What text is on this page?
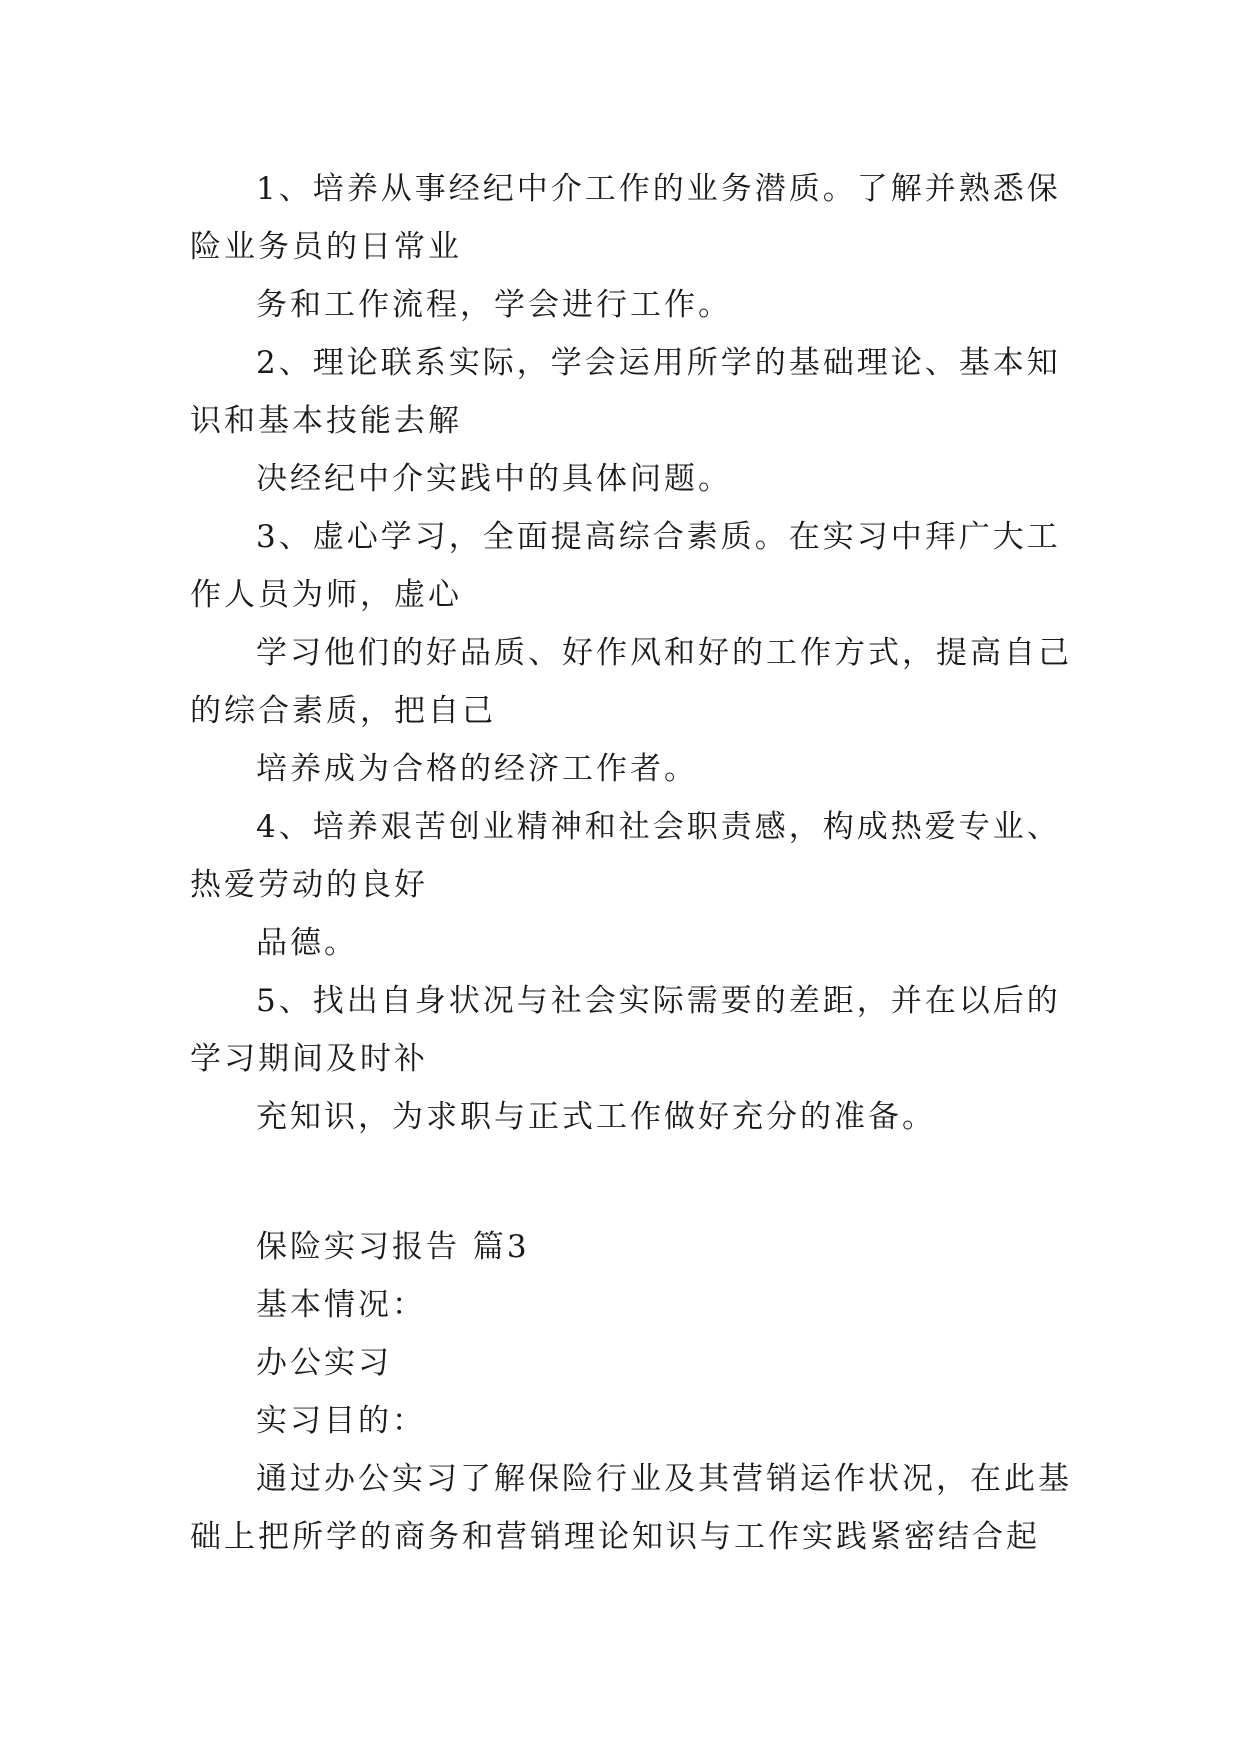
1、培养从事经纪中介工作的业务潜质。了解并熟悉保
险业务员的日常业
务和工作流程，学会进行工作。
2、理论联系实际，学会运用所学的基础理论、基本知
识和基本技能去解
决经纪中介实践中的具体问题。
3、虚心学习，全面提高综合素质。在实习中拜广大工
作人员为师，虚心
学习他们的好品质、好作风和好的工作方式，提高自己
的综合素质，把自己
培养成为合格的经济工作者。
4、培养艰苦创业精神和社会职责感，构成热爱专业、
热爱劳动的良好
品德。
5、找出自身状况与社会实际需要的差距，并在以后的
学习期间及时补
充知识，为求职与正式工作做好充分的准备。
保险实习报告 篇3
基本情况：
办公实习
实习目的：
通过办公实习了解保险行业及其营销运作状况，在此基
础上把所学的商务和营销理论知识与工作实践紧密结合起
